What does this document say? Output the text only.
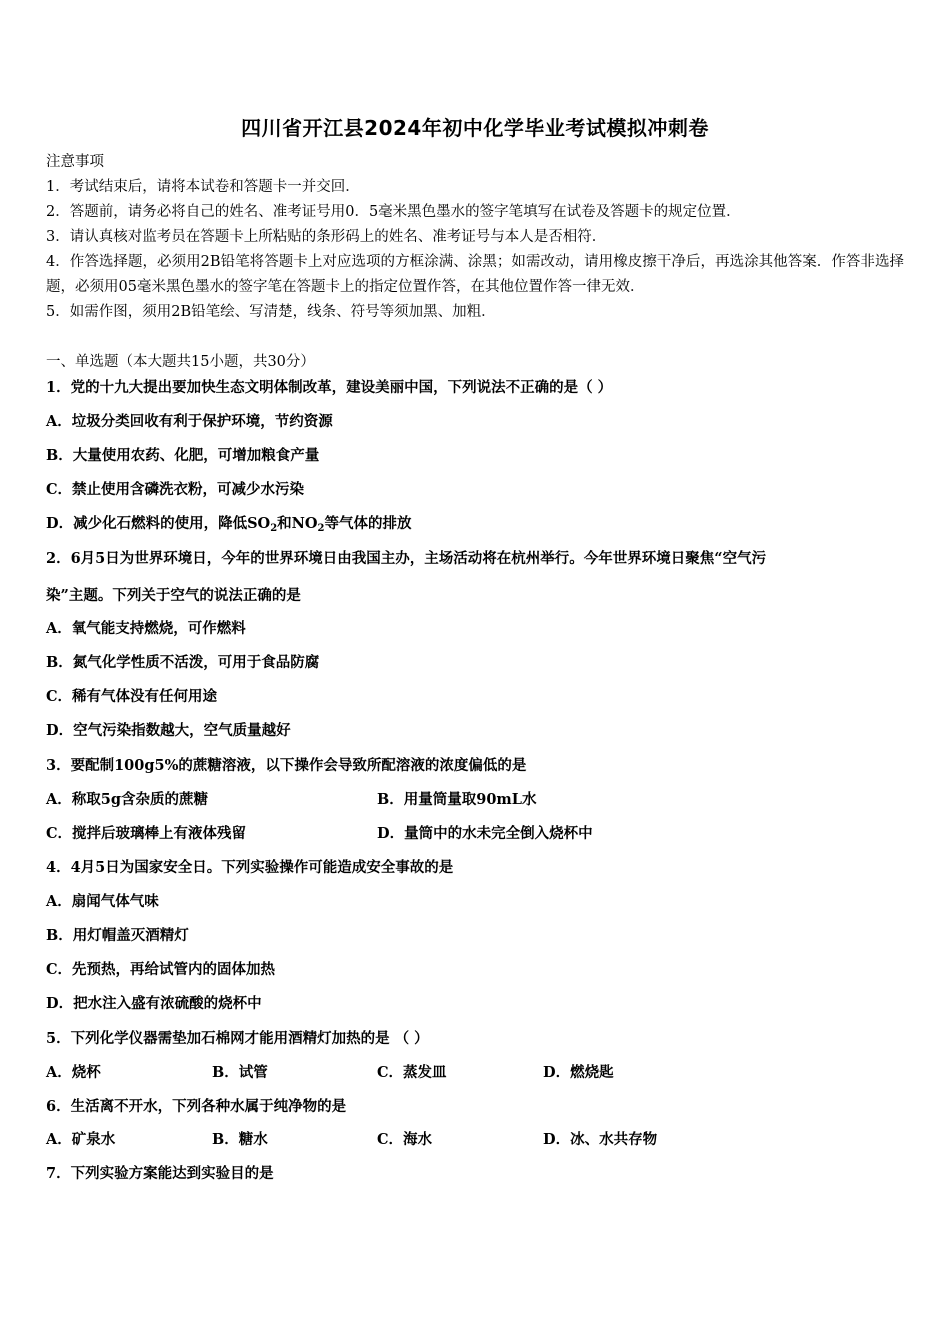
四川省开江县2024年初中化学毕业考试模拟冲刺卷
注意事项
1．考试结束后，请将本试卷和答题卡一并交回．
2．答题前，请务必将自己的姓名、准考证号用0．5毫米黑色墨水的签字笔填写在试卷及答题卡的规定位置．
3．请认真核对监考员在答题卡上所粘贴的条形码上的姓名、准考证号与本人是否相符．
4．作答选择题，必须用2B铅笔将答题卡上对应选项的方框涂满、涂黑；如需改动，请用橡皮擦干净后，再选涂其他答案．作答非选择题，必须用05毫米黑色墨水的签字笔在答题卡上的指定位置作答，在其他位置作答一律无效．
5．如需作图，须用2B铅笔绘、写清楚，线条、符号等须加黑、加粗．
一、单选题（本大题共15小题，共30分）
1．党的十九大提出要加快生态文明体制改革，建设美丽中国，下列说法不正确的是（ ）
A．垃圾分类回收有利于保护环境，节约资源
B．大量使用农药、化肥，可增加粮食产量
C．禁止使用含磷洗衣粉，可减少水污染
D．减少化石燃料的使用，降低$SO_2$和$NO_2$等气体的排放
2．6月5日为世界环境日，今年的世界环境日由我国主办，主场活动将在杭州举行。今年世界环境日聚焦“空气污
染”主题。下列关于空气的说法正确的是
A．氧气能支持燃烧，可作燃料
B．氮气化学性质不活泼，可用于食品防腐
C．稀有气体没有任何用途
D．空气污染指数越大，空气质量越好
3．要配制100g5%的蔗糖溶液，以下操作会导致所配溶液的浓度偏低的是
A．称取5g含杂质的蔗糖	B．用量筒量取90mL水
C．搅拌后玻璃棒上有液体残留	D．量筒中的水未完全倒入烧杯中
4．4月5日为国家安全日。下列实验操作可能造成安全事故的是
A．扇闻气体气味
B．用灯帽盖灭酒精灯
C．先预热，再给试管内的固体加热
D．把水注入盛有浓硫酸的烧杯中
5．下列化学仪器需垫加石棉网才能用酒精灯加热的是 （ ）
A．烧杯	B．试管	C．蒸发皿	D．燃烧匙
6．生活离不开水，下列各种水属于纯净物的是
A．矿泉水	B．糖水	C．海水	D．冰、水共存物
7．下列实验方案能达到实验目的是
